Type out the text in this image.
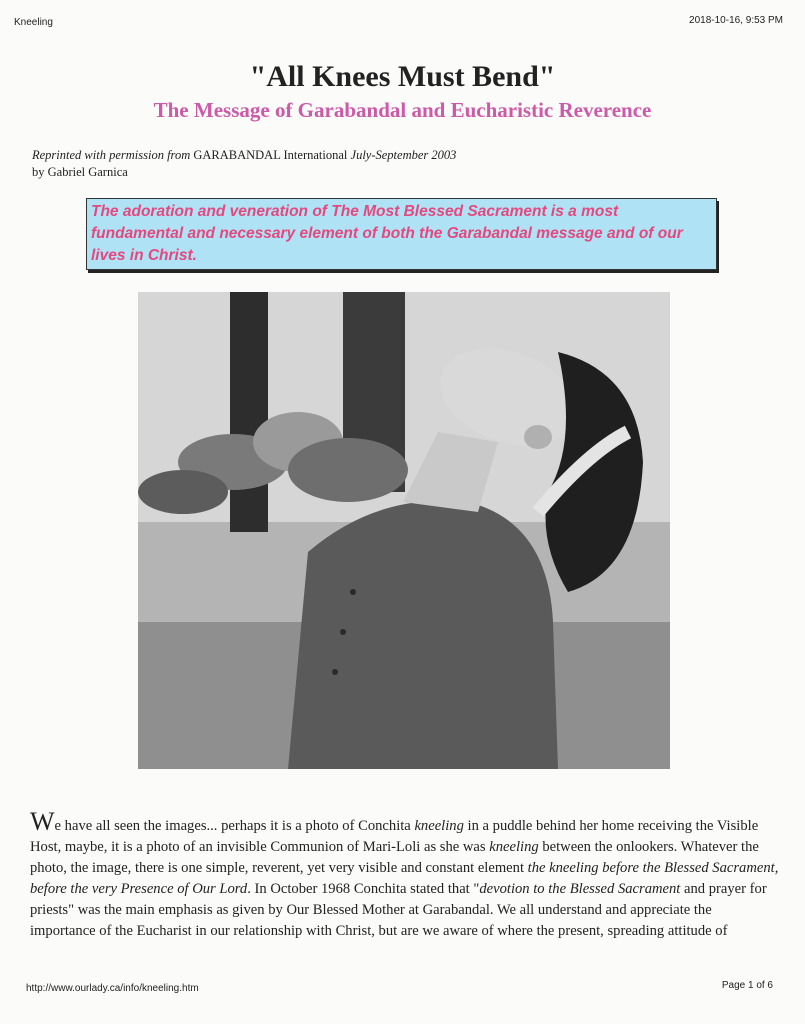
Kneeling	2018-10-16, 9:53 PM
"All Knees Must Bend"
The Message of Garabandal and Eucharistic Reverence
Reprinted with permission from GARABANDAL International July-September 2003
by Gabriel Garnica
The adoration and veneration of The Most Blessed Sacrament is a most fundamental and necessary element of both the Garabandal message and of our lives in Christ.
We have all seen the images... perhaps it is a photo of Conchita kneeling in a puddle behind her home receiving the Visible Host, maybe, it is a photo of an invisible Communion of Mari-Loli as she was kneeling between the onlookers. Whatever the photo, the image, there is one simple, reverent, yet very visible and constant element the kneeling before the Blessed Sacrament, before the very Presence of Our Lord. In October 1968 Conchita stated that "devotion to the Blessed Sacrament and prayer for priests" was the main emphasis as given by Our Blessed Mother at Garabandal. We all understand and appreciate the importance of the Eucharist in our relationship with Christ, but are we aware of where the present, spreading attitude of
http://www.ourlady.ca/info/kneeling.htm	Page 1 of 6
